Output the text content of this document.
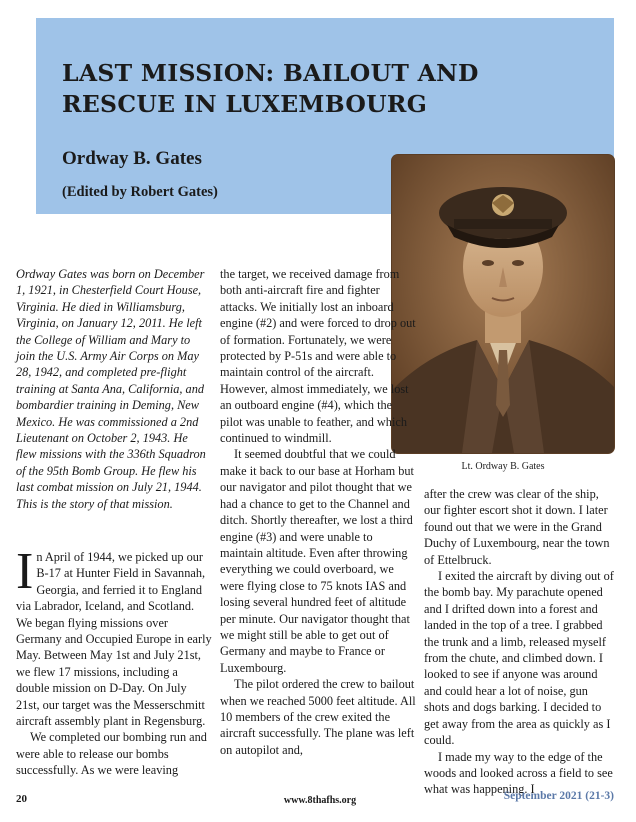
LAST MISSION: BAILOUT AND RESCUE IN LUXEMBOURG
Ordway B. Gates
(Edited by Robert Gates)
Lt. Ordway B. Gates

Ordway Gates was born on December 1, 1921, in Chesterfield Court House, Virginia. He died in Williamsburg, Virginia, on January 12, 2011. He left the College of William and Mary to join the U.S. Army Air Corps on May 28, 1942, and completed pre-flight training at Santa Ana, California, and bombardier training in Deming, New Mexico. He was commissioned a 2nd Lieutenant on October 2, 1943. He flew missions with the 336th Squadron of the 95th Bomb Group. He flew his last combat mission on July 21, 1944. This is the story of that mission.

In April of 1944, we picked up our B-17 at Hunter Field in Savannah, Georgia, and ferried it to England via Labrador, Iceland, and Scotland. We began flying missions over Germany and Occupied Europe in early May. Between May 1st and July 21st, we flew 17 missions, including a double mission on D-Day. On July 21st, our target was the Messerschmitt aircraft assembly plant in Regensburg.

We completed our bombing run and were able to release our bombs successfully. As we were leaving

the target, we received damage from both anti-aircraft fire and fighter attacks. We initially lost an inboard engine (#2) and were forced to drop out of formation. Fortunately, we were protected by P-51s and were able to maintain control of the aircraft. However, almost immediately, we lost an outboard engine (#4), which the pilot was unable to feather, and which continued to windmill.

It seemed doubtful that we could make it back to our base at Horham but our navigator and pilot thought that we had a chance to get to the Channel and ditch. Shortly thereafter, we lost a third engine (#3) and were unable to maintain altitude. Even after throwing everything we could overboard, we were flying close to 75 knots IAS and losing several hundred feet of altitude per minute. Our navigator thought that we might still be able to get out of Germany and maybe to France or Luxembourg.

The pilot ordered the crew to bailout when we reached 5000 feet altitude. All 10 members of the crew exited the aircraft successfully. The plane was left on autopilot and,

after the crew was clear of the ship, our fighter escort shot it down. I later found out that we were in the Grand Duchy of Luxembourg, near the town of Ettelbruck.

I exited the aircraft by diving out of the bomb bay. My parachute opened and I drifted down into a forest and landed in the top of a tree. I grabbed the trunk and a limb, released myself from the chute, and climbed down. I looked to see if anyone was around and could hear a lot of noise, gun shots and dogs barking. I decided to get away from the area as quickly as I could.

I made my way to the edge of the woods and looked across a field to see what was happening. I

20	www.8thafhs.org	September 2021 (21-3)
